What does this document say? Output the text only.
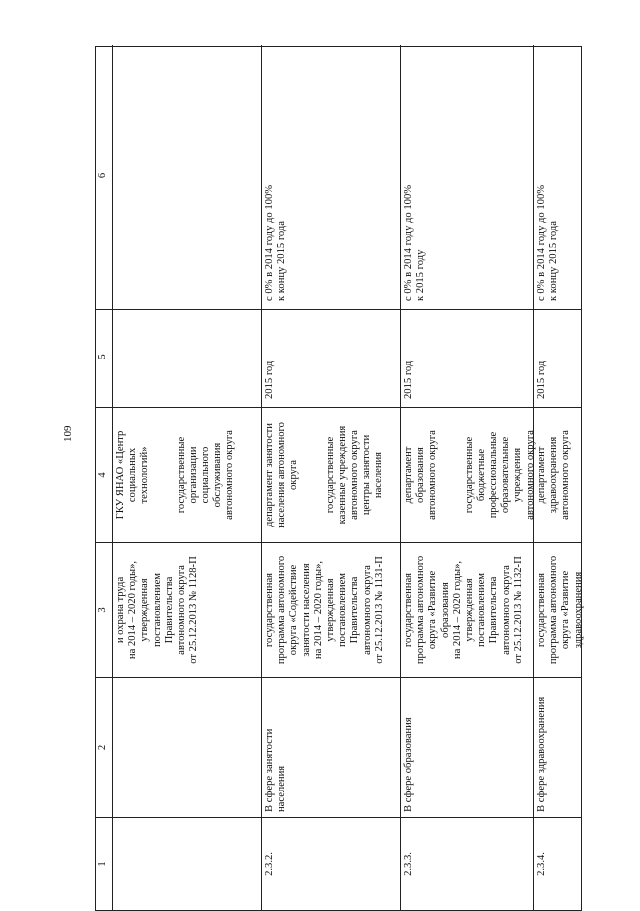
109
1
2
3
4
5
6
и охрана труда на 2014 – 2020 годы», утвержденная постановлением Правительства автономного округа от 25.12.2013 № 1128-П
ГКУ ЯНАО «Центр социальных технологий» государственные организации социального обслуживания автономного округа
2.3.2.
В сфере занятости населения
государственная программа автономного округа «Содействие занятости населения на 2014 – 2020 годы», утвержденная постановлением Правительства автономного округа от 25.12.2013 № 1131-П
департамент занятости населения автономного округа государственные казенные учреждения автономного округа центры занятости населения
2015 год
с 0% в 2014 году до 100% к концу 2015 года
2.3.3.
В сфере образования
государственная программа автономного округа «Развитие образования на 2014 – 2020 годы», утвержденная постановлением Правительства автономного округа от 25.12.2013 № 1132-П
департамент образования автономного округа государственные бюджетные профессиональные образовательные учреждения автономного округа
2015 год
с 0% в 2014 году до 100% к 2015 году
2.3.4.
В сфере здравоохранения
государственная программа автономного округа «Развитие здравоохранения
департамент здравоохранения автономного округа
2015 год
с 0% в 2014 году до 100% к концу 2015 года
